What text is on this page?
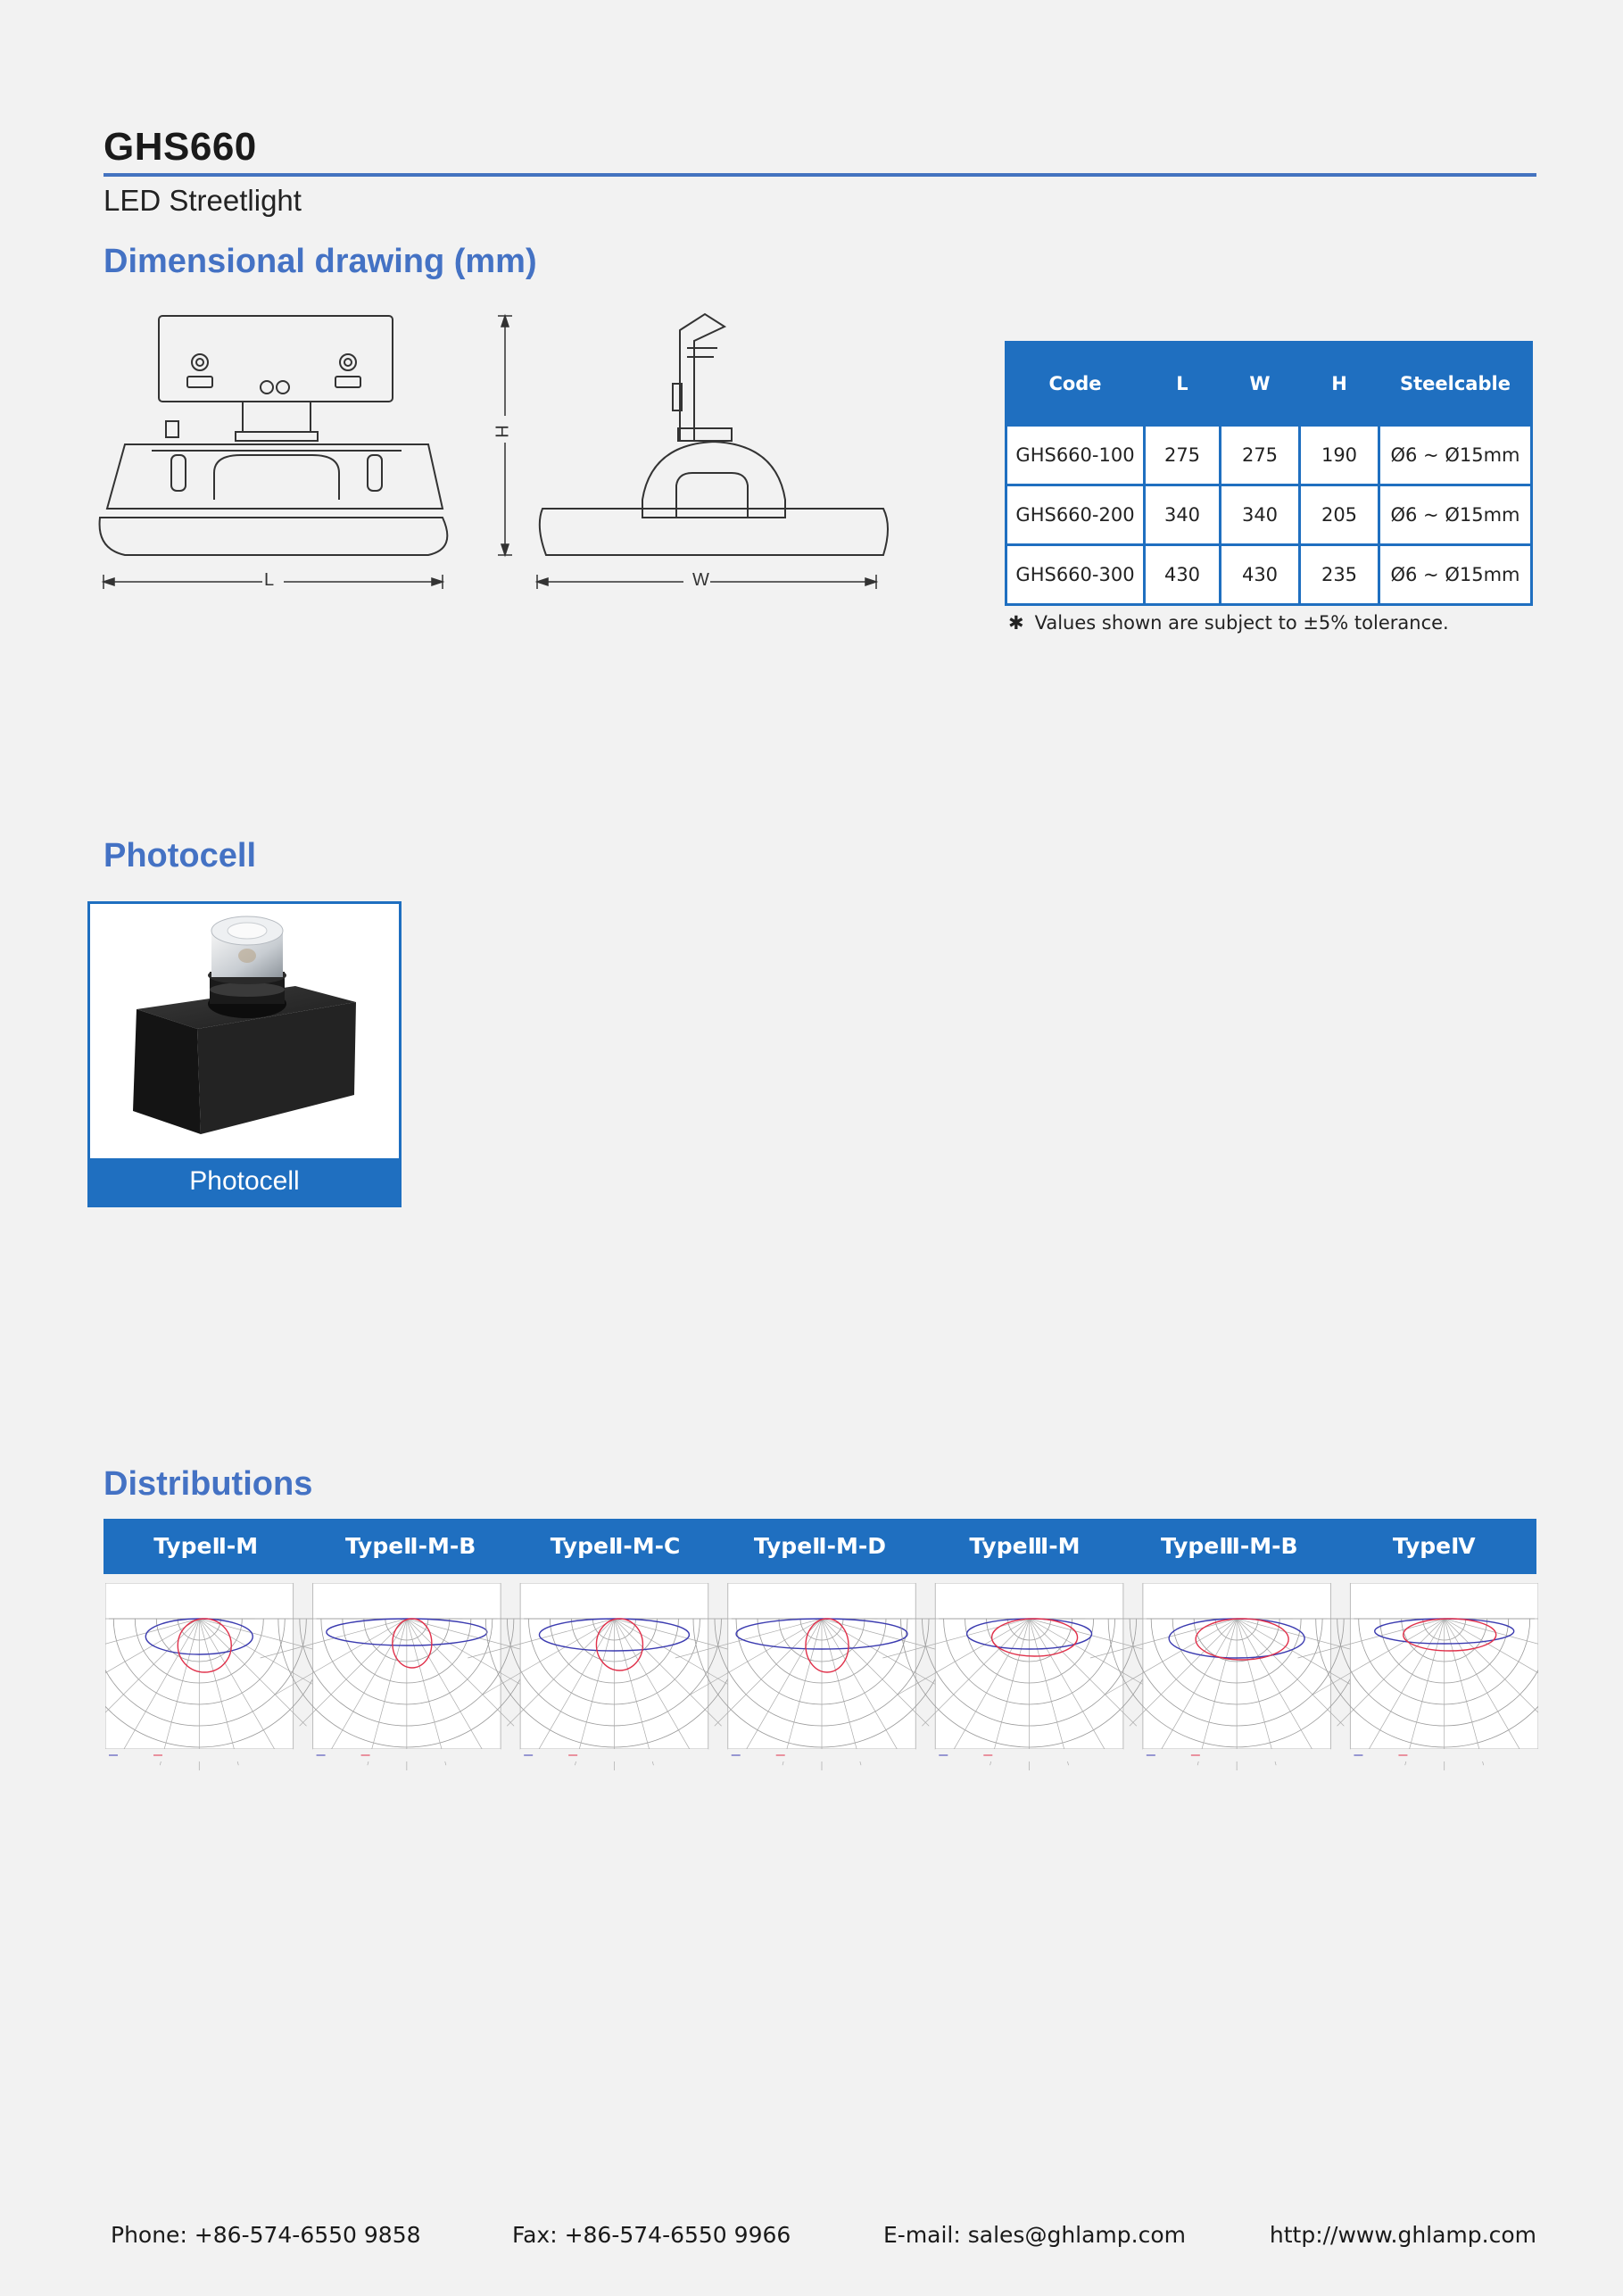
GHS660
LED Streetlight
Dimensional drawing (mm)
L
H
W
Code	L	W	H	Steelcable
GHS660-100	275	275	190	Ø6 ~ Ø15mm
GHS660-200	340	340	205	Ø6 ~ Ø15mm
GHS660-300	430	430	235	Ø6 ~ Ø15mm
✱ Values shown are subject to ±5% tolerance.
Photocell
Photocell
Distributions
TypeⅡ-M	TypeⅡ-M-B	TypeⅡ-M-C	TypeⅡ-M-D	TypeⅢ-M	TypeⅢ-M-B	TypeⅣ
Phone: +86-574-6550 9858	Fax: +86-574-6550 9966	E-mail: sales@ghlamp.com	http://www.ghlamp.com
